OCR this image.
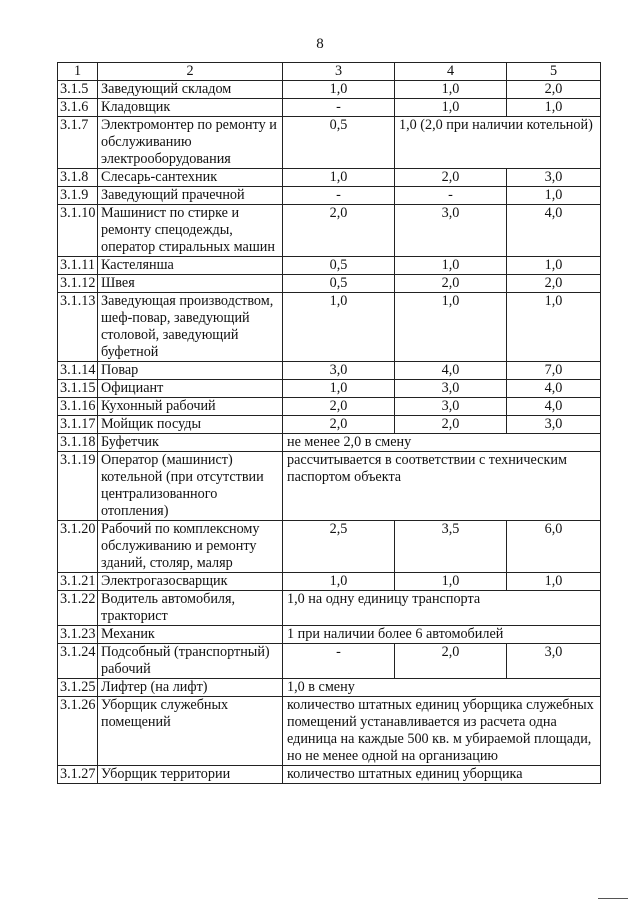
8
1	2	3	4	5
3.1.5	Заведующий складом	1,0	1,0	2,0
3.1.6	Кладовщик	-	1,0	1,0
3.1.7	Электромонтер по ремонту и обслуживанию электрооборудования	0,5	1,0 (2,0 при наличии котельной)	
3.1.8	Слесарь-сантехник	1,0	2,0	3,0
3.1.9	Заведующий прачечной	-	-	1,0
3.1.10	Машинист по стирке и ремонту спецодежды, оператор стиральных машин	2,0	3,0	4,0
3.1.11	Кастелянша	0,5	1,0	1,0
3.1.12	Швея	0,5	2,0	2,0
3.1.13	Заведующая производством, шеф-повар, заведующий столовой, заведующий буфетной	1,0	1,0	1,0
3.1.14	Повар	3,0	4,0	7,0
3.1.15	Официант	1,0	3,0	4,0
3.1.16	Кухонный рабочий	2,0	3,0	4,0
3.1.17	Мойщик посуды	2,0	2,0	3,0
3.1.18	Буфетчик	не менее 2,0 в смену		
3.1.19	Оператор (машинист) котельной (при отсутствии централизованного отопления)	рассчитывается в соответствии с техническим паспортом объекта		
3.1.20	Рабочий по комплексному обслуживанию и ремонту зданий, столяр, маляр	2,5	3,5	6,0
3.1.21	Электрогазосварщик	1,0	1,0	1,0
3.1.22	Водитель автомобиля, тракторист	1,0 на одну единицу транспорта		
3.1.23	Механик	1 при наличии более 6 автомобилей		
3.1.24	Подсобный (транспортный) рабочий	-	2,0	3,0
3.1.25	Лифтер (на лифт)	1,0 в смену		
3.1.26	Уборщик служебных помещений	количество штатных единиц уборщика служебных помещений устанавливается из расчета одна единица на каждые 500 кв. м убираемой площади, но не менее одной на организацию		
3.1.27	Уборщик территории	количество штатных единиц уборщика		
